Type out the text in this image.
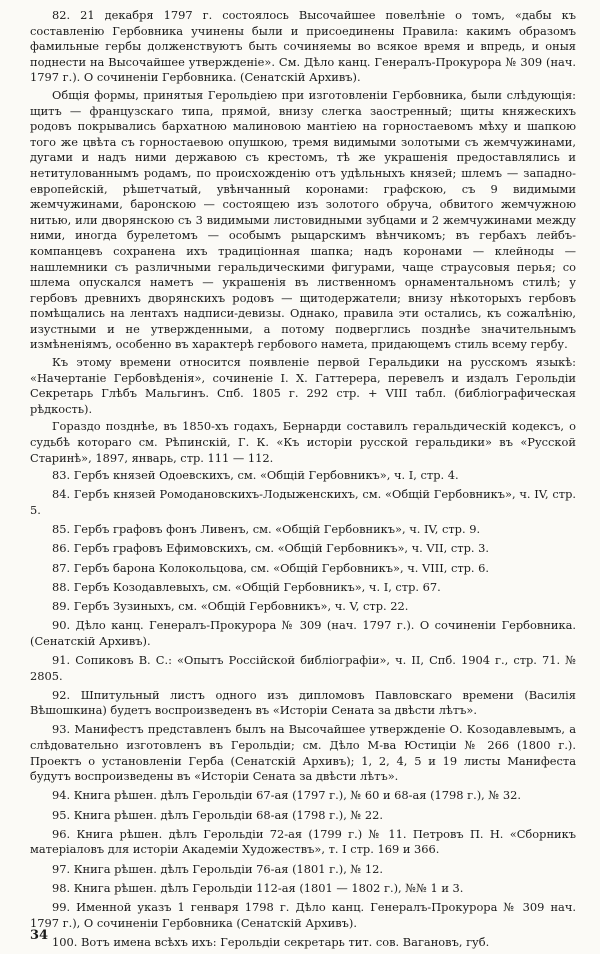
82. 21 декабря 1797 г. состоялось Высочайшее повелѣніе о томъ, «дабы къ составленію Гербовника учинены были и присоединены Правила: какимъ образомъ фамильные гербы долженствуютъ быть сочиняемы во всякое время и впредь, и оныя поднести на Высочайшее утвержденіе». См. Дѣло канц. Генералъ-Прокурора № 309 (нач. 1797 г.). О сочиненіи Гербовника. (Сенатскій Архивъ).

Общія формы, принятыя Герольдіею при изготовленіи Гербовника, были слѣдующія: щитъ — французскаго типа, прямой, внизу слегка заостренный; щиты княжескихъ родовъ покрывались бархатною малиновою мантіею на горностаевомъ мѣху и шапкою того же цвѣта съ горностаевою опушкою, тремя видимыми золотыми съ жемчужинами, дугами и надъ ними державою съ крестомъ, тѣ же украшенія предоставлялись и нетитулованнымъ родамъ, по происхожденію отъ удѣльныхъ князей; шлемъ — западно-европейскій, рѣшетчатый, увѣнчанный коронами: графскою, съ 9 видимыми жемчужинами, баронскою — состоящею изъ золотого обруча, обвитого жемчужною нитью, или дворянскою съ 3 видимыми листовидными зубцами и 2 жемчужинами между ними, иногда бурелетомъ — особымъ рыцарскимъ вѣнчикомъ; въ гербахъ лейбъ-компанцевъ сохранена ихъ традиціонная шапка; надъ коронами — клейноды — нашлемники съ различными геральдическими фигурами, чаще страусовыя перья; со шлема опускался наметъ — украшенія въ лиственномъ орнаментальномъ стилѣ; у гербовъ древнихъ дворянскихъ родовъ — щитодержатели; внизу нѣкоторыхъ гербовъ помѣщались на лентахъ надписи-девизы. Однако, правила эти остались, къ сожалѣнію, изустными и не утвержденными, а потому подверглись позднѣе значительнымъ измѣненіямъ, особенно въ характерѣ гербового намета, придающемъ стиль всему гербу.

Къ этому времени относится появленіе первой Геральдики на русскомъ языкѣ: «Начертаніе Гербовѣденія», сочиненіе I. X. Гаттерера, перевелъ и издалъ Герольдіи Секретарь Глѣбъ Мальгинъ. Спб. 1805 г. 292 стр. + VIII табл. (библіографическая рѣдкость).

Гораздо позднѣе, въ 1850-хъ годахъ, Бернарди составилъ геральдическій кодексъ, о судьбѣ котораго см. Рѣпинскій, Г. К. «Къ исторіи русской геральдики» въ «Русской Старинѣ», 1897, январь, стр. 111 — 112.

83. Гербъ князей Одоевскихъ, см. «Общій Гербовникъ», ч. I, стр. 4.

84. Гербъ князей Ромодановскихъ-Лодыженскихъ, см. «Общій Гербовникъ», ч. IV, стр. 5.

85. Гербъ графовъ фонъ Ливенъ, см. «Общій Гербовникъ», ч. IV, стр. 9.

86. Гербъ графовъ Ефимовскихъ, см. «Общій Гербовникъ», ч. VII, стр. 3.

87. Гербъ барона Колокольцова, см. «Общій Гербовникъ», ч. VIII, стр. 6.

88. Гербъ Козодавлевыхъ, см. «Общій Гербовникъ», ч. I, стр. 67.

89. Гербъ Зузиныхъ, см. «Общій Гербовникъ», ч. V, стр. 22.

90. Дѣло канц. Генералъ-Прокурора № 309 (нач. 1797 г.). О сочиненіи Гербовника. (Сенатскій Архивъ).

91. Сопиковъ В. С.: «Опытъ Россійской библіографіи», ч. II, Спб. 1904 г., стр. 71. № 2805.

92. Шпитульный листъ одного изъ дипломовъ Павловскаго времени (Василія Вѣшошкина) будетъ воспроизведенъ въ «Исторіи Сената за двѣсти лѣтъ».

93. Манифестъ представленъ былъ на Высочайшее утвержденіе О. Козодавлевымъ, а слѣдовательно изготовленъ въ Герольдіи; см. Дѣло М-ва Юстиціи № 266 (1800 г.). Проектъ о установленіи Герба (Сенатскій Архивъ); 1, 2, 4, 5 и 19 листы Манифеста будутъ воспроизведены въ «Исторіи Сената за двѣсти лѣтъ».

94. Книга рѣшен. дѣлъ Герольдіи 67-ая (1797 г.), № 60 и 68-ая (1798 г.), № 32.

95. Книга рѣшен. дѣлъ Герольдіи 68-ая (1798 г.), № 22.

96. Книга рѣшен. дѣлъ Герольдіи 72-ая (1799 г.) № 11. Петровъ П. Н. «Сборникъ матеріаловъ для исторіи Академіи Художествъ», т. I стр. 169 и 366.

97. Книга рѣшен. дѣлъ Герольдіи 76-ая (1801 г.), № 12.

98. Книга рѣшен. дѣлъ Герольдіи 112-ая (1801 — 1802 г.), №№ 1 и 3.

99. Именной указъ 1 генваря 1798 г. Дѣло канц. Генералъ-Прокурора № 309 нач. 1797 г.), О сочиненіи Гербовника (Сенатскій Архивъ).

100. Вотъ имена всѣхъ ихъ: Герольдіи секретарь тит. сов. Вагановъ, губ.

34
